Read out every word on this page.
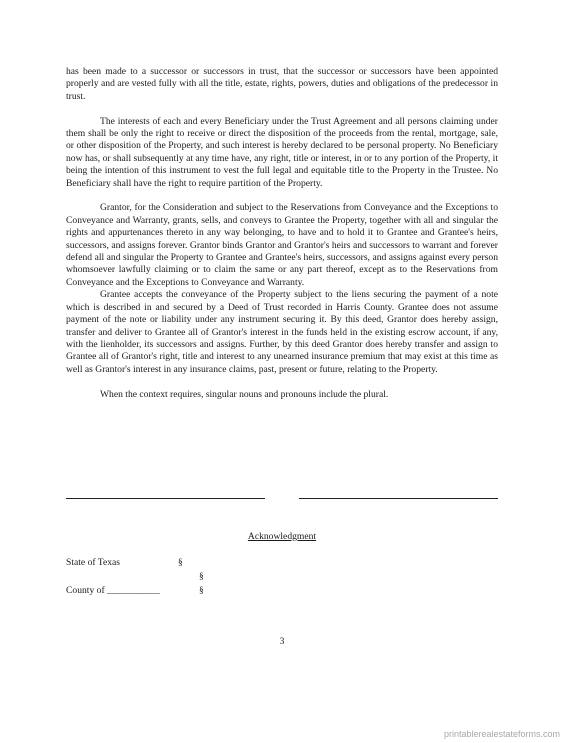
has been made to a successor or successors in trust, that the successor or successors have been appointed properly and are vested fully with all the title, estate, rights, powers, duties and obligations of the predecessor in trust.

The interests of each and every Beneficiary under the Trust Agreement and all persons claiming under them shall be only the right to receive or direct the disposition of the proceeds from the rental, mortgage, sale, or other disposition of the Property, and such interest is hereby declared to be personal property. No Beneficiary now has, or shall subsequently at any time have, any right, title or interest, in or to any portion of the Property, it being the intention of this instrument to vest the full legal and equitable title to the Property in the Trustee. No Beneficiary shall have the right to require partition of the Property.

Grantor, for the Consideration and subject to the Reservations from Conveyance and the Exceptions to Conveyance and Warranty, grants, sells, and conveys to Grantee the Property, together with all and singular the rights and appurtenances thereto in any way belonging, to have and to hold it to Grantee and Grantee's heirs, successors, and assigns forever. Grantor binds Grantor and Grantor's heirs and successors to warrant and forever defend all and singular the Property to Grantee and Grantee's heirs, successors, and assigns against every person whomsoever lawfully claiming or to claim the same or any part thereof, except as to the Reservations from Conveyance and the Exceptions to Conveyance and Warranty.

Grantee accepts the conveyance of the Property subject to the liens securing the payment of a note which is described in and secured by a Deed of Trust recorded in Harris County. Grantee does not assume payment of the note or liability under any instrument securing it. By this deed, Grantor does hereby assign, transfer and deliver to Grantee all of Grantor's interest in the funds held in the existing escrow account, if any, with the lienholder, its successors and assigns. Further, by this deed Grantor does hereby transfer and assign to Grantee all of Grantor's right, title and interest to any unearned insurance premium that may exist at this time as well as Grantor's interest in any insurance claims, past, present or future, relating to the Property.

When the context requires, singular nouns and pronouns include the plural.

Acknowledgment
State of Texas	§
§
County of ___________	§
3
printablerealestateforms.com
